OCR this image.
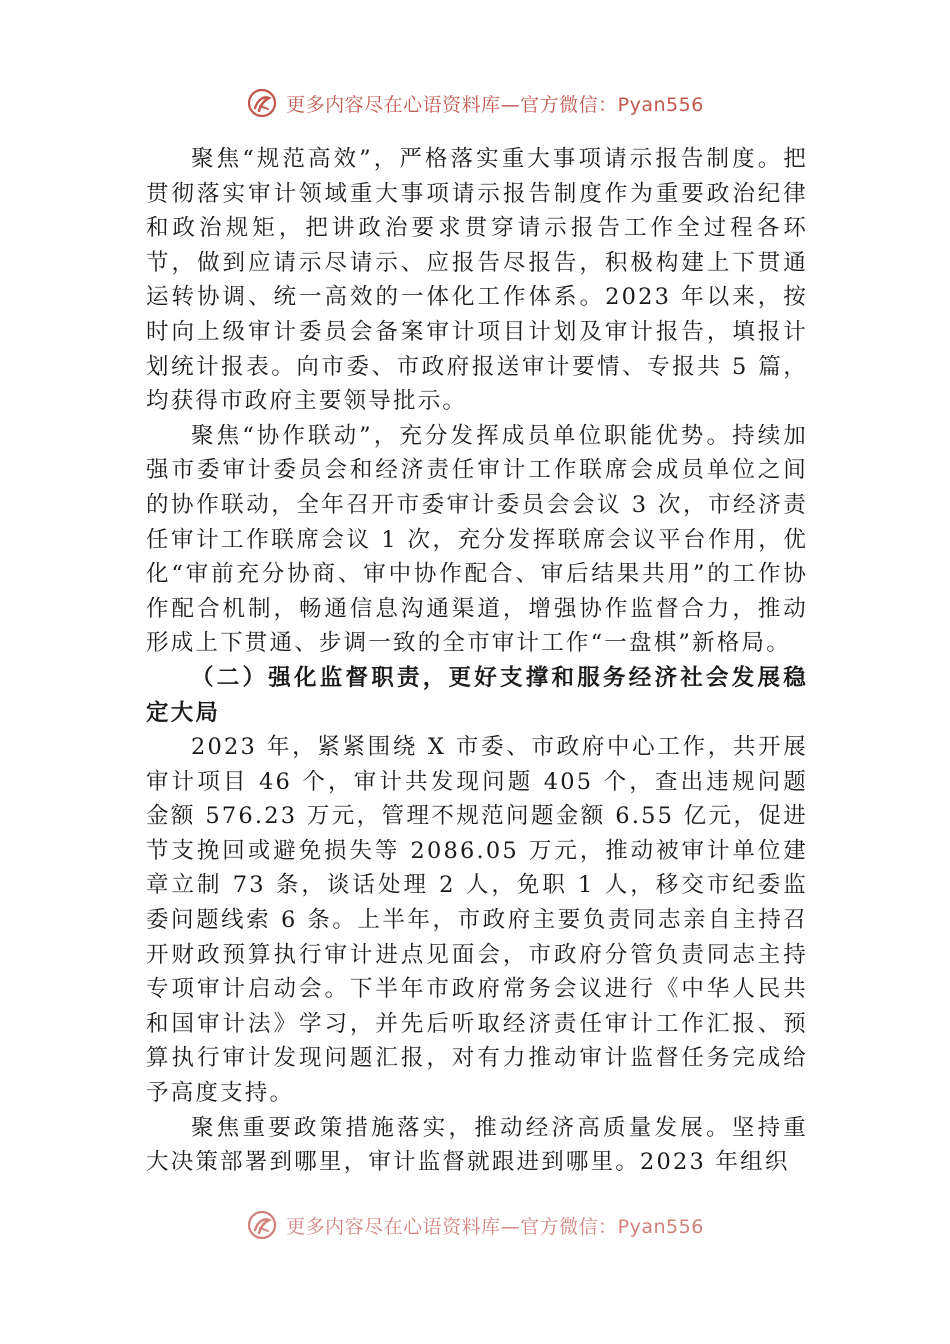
更多内容尽在心语资料库—官方微信：Pyan556

聚焦“规范高效”，严格落实重大事项请示报告制度。把贯彻落实审计领域重大事项请示报告制度作为重要政治纪律和政治规矩，把讲政治要求贯穿请示报告工作全过程各环节，做到应请示尽请示、应报告尽报告，积极构建上下贯通运转协调、统一高效的一体化工作体系。2023 年以来，按时向上级审计委员会备案审计项目计划及审计报告，填报计划统计报表。向市委、市政府报送审计要情、专报共 5 篇，均获得市政府主要领导批示。

聚焦“协作联动”，充分发挥成员单位职能优势。持续加强市委审计委员会和经济责任审计工作联席会成员单位之间的协作联动，全年召开市委审计委员会会议 3 次，市经济责任审计工作联席会议 1 次，充分发挥联席会议平台作用，优化“审前充分协商、审中协作配合、审后结果共用”的工作协作配合机制，畅通信息沟通渠道，增强协作监督合力，推动形成上下贯通、步调一致的全市审计工作“一盘棋”新格局。

（二）强化监督职责，更好支撑和服务经济社会发展稳定大局

2023 年，紧紧围绕 X 市委、市政府中心工作，共开展审计项目 46 个，审计共发现问题 405 个，查出违规问题金额 576.23 万元，管理不规范问题金额 6.55 亿元，促进节支挽回或避免损失等 2086.05 万元，推动被审计单位建章立制 73 条，谈话处理 2 人，免职 1 人，移交市纪委监委问题线索 6 条。上半年，市政府主要负责同志亲自主持召开财政预算执行审计进点见面会，市政府分管负责同志主持专项审计启动会。下半年市政府常务会议进行《中华人民共和国审计法》学习，并先后听取经济责任审计工作汇报、预算执行审计发现问题汇报，对有力推动审计监督任务完成给予高度支持。

聚焦重要政策措施落实，推动经济高质量发展。坚持重大决策部署到哪里，审计监督就跟进到哪里。2023 年组织

更多内容尽在心语资料库—官方微信：Pyan556
